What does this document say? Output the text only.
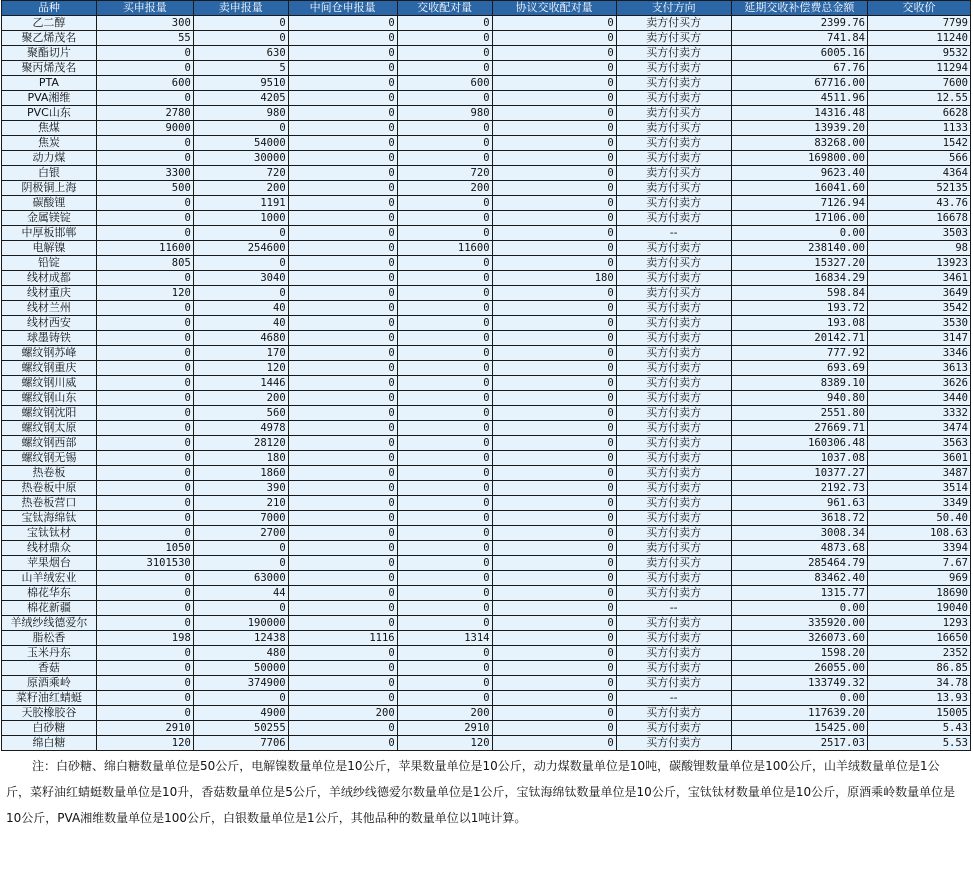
品种	买申报量	卖申报量	中间仓申报量	交收配对量	协议交收配对量	支付方向	延期交收补偿费总金额	交收价
乙二醇	300	0	0	0	0	卖方付买方	2399.76	7799
聚乙烯茂名	55	0	0	0	0	卖方付买方	741.84	11240
聚酯切片	0	630	0	0	0	买方付卖方	6005.16	9532
聚丙烯茂名	0	5	0	0	0	买方付卖方	67.76	11294
PTA	600	9510	0	600	0	买方付卖方	67716.00	7600
PVA湘维	0	4205	0	0	0	买方付卖方	4511.96	12.55
PVC山东	2780	980	0	980	0	卖方付买方	14316.48	6628
焦煤	9000	0	0	0	0	卖方付买方	13939.20	1133
焦炭	0	54000	0	0	0	买方付卖方	83268.00	1542
动力煤	0	30000	0	0	0	买方付卖方	169800.00	566
白银	3300	720	0	720	0	卖方付买方	9623.40	4364
阴极铜上海	500	200	0	200	0	卖方付买方	16041.60	52135
碳酸锂	0	1191	0	0	0	买方付卖方	7126.94	43.76
金属镁锭	0	1000	0	0	0	买方付卖方	17106.00	16678
中厚板邯郸	0	0	0	0	0	--	0.00	3503
电解镍	11600	254600	0	11600	0	买方付卖方	238140.00	98
铅锭	805	0	0	0	0	卖方付买方	15327.20	13923
线材成都	0	3040	0	0	180	买方付卖方	16834.29	3461
线材重庆	120	0	0	0	0	卖方付买方	598.84	3649
线材兰州	0	40	0	0	0	买方付卖方	193.72	3542
线材西安	0	40	0	0	0	买方付卖方	193.08	3530
球墨铸铁	0	4680	0	0	0	买方付卖方	20142.71	3147
螺纹钢苏峰	0	170	0	0	0	买方付卖方	777.92	3346
螺纹钢重庆	0	120	0	0	0	买方付卖方	693.69	3613
螺纹钢川威	0	1446	0	0	0	买方付卖方	8389.10	3626
螺纹钢山东	0	200	0	0	0	买方付卖方	940.80	3440
螺纹钢沈阳	0	560	0	0	0	买方付卖方	2551.80	3332
螺纹钢太原	0	4978	0	0	0	买方付卖方	27669.71	3474
螺纹钢西部	0	28120	0	0	0	买方付卖方	160306.48	3563
螺纹钢无锡	0	180	0	0	0	买方付卖方	1037.08	3601
热卷板	0	1860	0	0	0	买方付卖方	10377.27	3487
热卷板中原	0	390	0	0	0	买方付卖方	2192.73	3514
热卷板营口	0	210	0	0	0	买方付卖方	961.63	3349
宝钛海绵钛	0	7000	0	0	0	买方付卖方	3618.72	50.40
宝钛钛材	0	2700	0	0	0	买方付卖方	3008.34	108.63
线材鼎众	1050	0	0	0	0	卖方付买方	4873.68	3394
苹果烟台	3101530	0	0	0	0	卖方付买方	285464.79	7.67
山羊绒宏业	0	63000	0	0	0	买方付卖方	83462.40	969
棉花华东	0	44	0	0	0	买方付卖方	1315.77	18690
棉花新疆	0	0	0	0	0	--	0.00	19040
羊绒纱线德爱尔	0	190000	0	0	0	买方付卖方	335920.00	1293
脂松香	198	12438	1116	1314	0	买方付卖方	326073.60	16650
玉米丹东	0	480	0	0	0	买方付卖方	1598.20	2352
香菇	0	50000	0	0	0	买方付卖方	26055.00	86.85
原酒乘岭	0	374900	0	0	0	买方付卖方	133749.32	34.78
菜籽油红蜻蜓	0	0	0	0	0	--	0.00	13.93
天胶橡胶谷	0	4900	200	200	0	买方付卖方	117639.20	15005
白砂糖	2910	50255	0	2910	0	买方付卖方	15425.00	5.43
绵白糖	120	7706	0	120	0	买方付卖方	2517.03	5.53
注：白砂糖、绵白糖数量单位是50公斤，电解镍数量单位是10公斤，苹果数量单位是10公斤，动力煤数量单位是10吨，碳酸锂数量单位是100公斤，山羊绒数量单位是1公斤，菜籽油红蜻蜓数量单位是10升，香菇数量单位是5公斤，羊绒纱线德爱尔数量单位是1公斤，宝钛海绵钛数量单位是10公斤，宝钛钛材数量单位是10公斤，原酒乘岭数量单位是10公斤，PVA湘维数量单位是100公斤，白银数量单位是1公斤，其他品种的数量单位以1吨计算。
